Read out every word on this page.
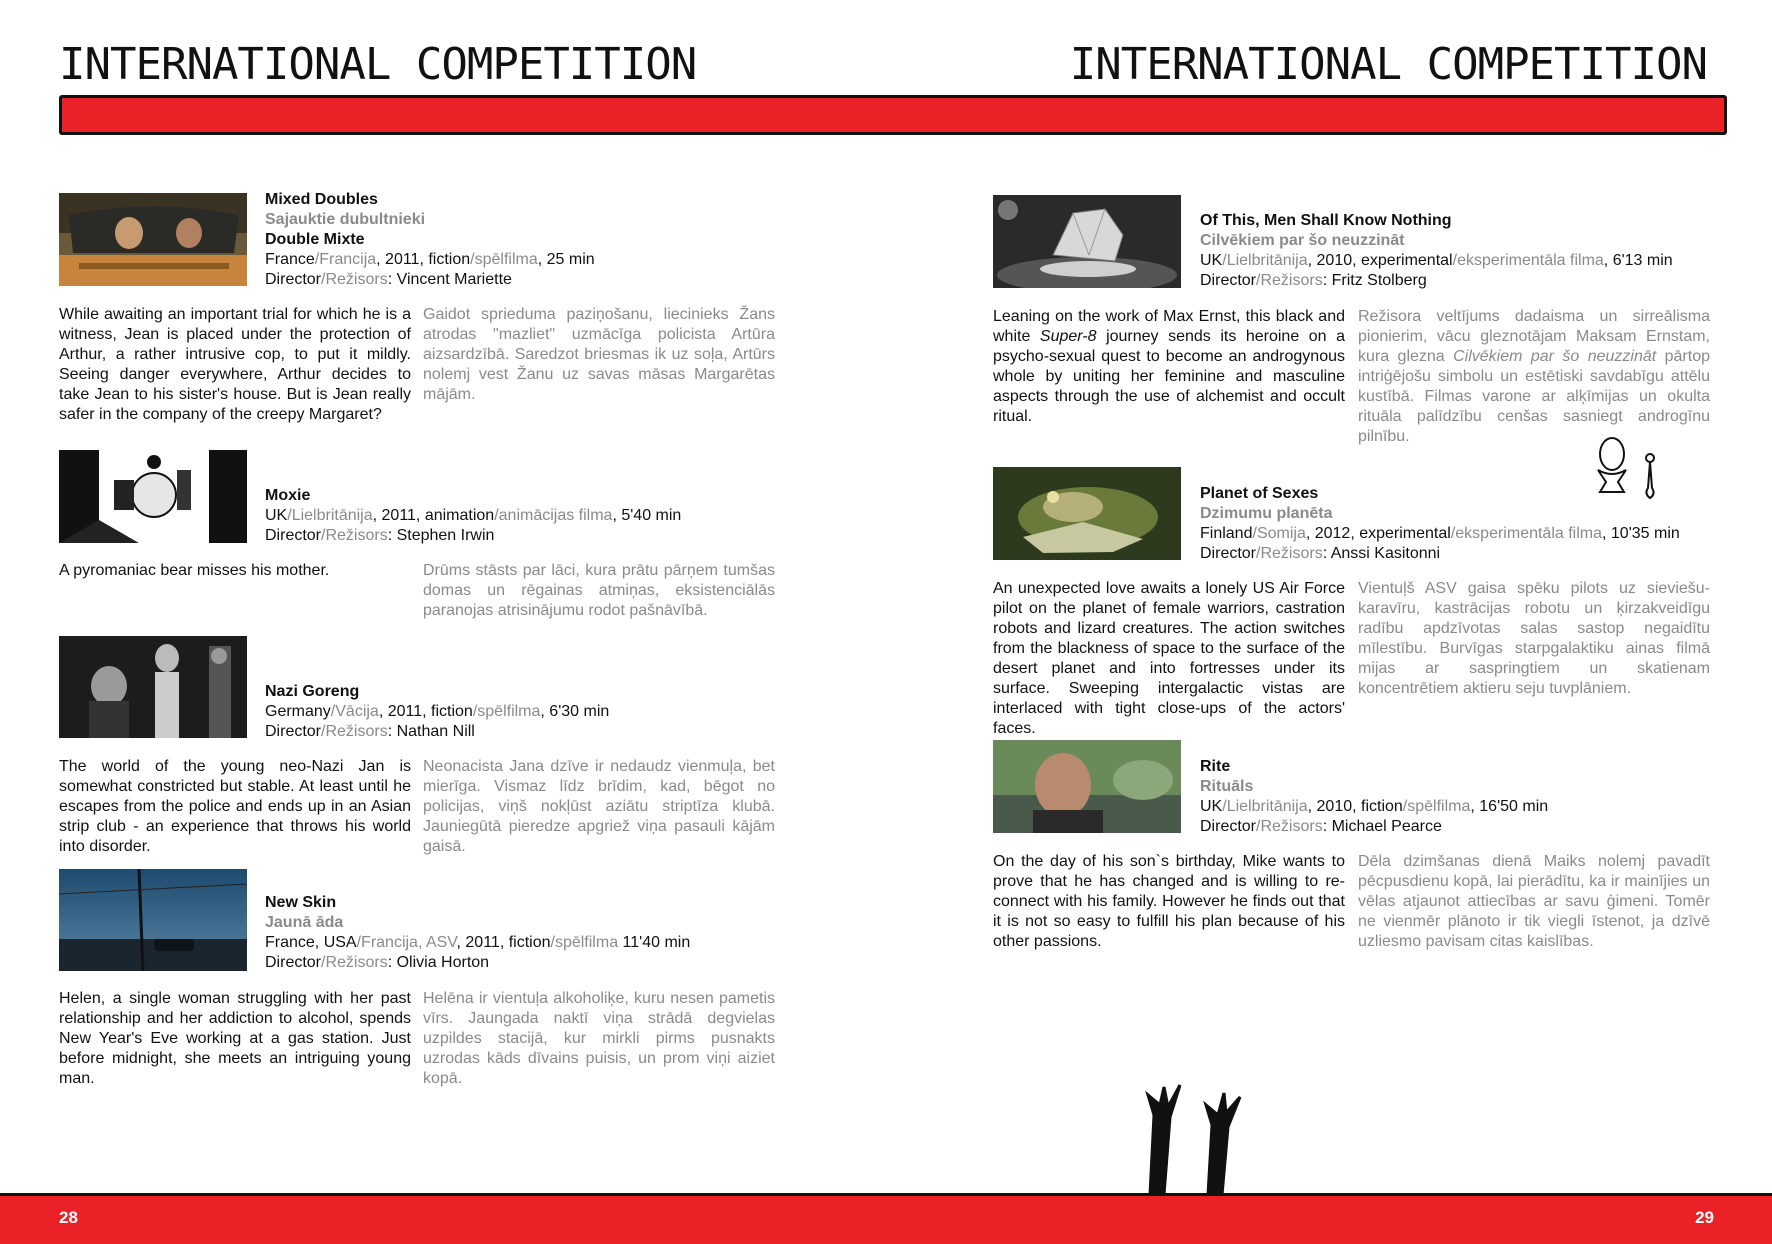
INTERNATIONAL COMPETITION	INTERNATIONAL COMPETITION
Mixed Doubles
Sajauktie dubultnieki
Double Mixte
France/Francija, 2011, fiction/spēlfilma, 25 min
Director/Režisors: Vincent Mariette
While awaiting an important trial for which he is a witness, Jean is placed under the protection of Arthur, a rather intrusive cop, to put it mildly. Seeing danger everywhere, Arthur decides to take Jean to his sister's house. But is Jean really safer in the company of the creepy Margaret?
Gaidot sprieduma paziņošanu, liecinieks Žans atrodas "mazliet" uzmācīga policista Artūra aizsardzībā. Saredzot briesmas ik uz soļa, Artūrs nolemj vest Žanu uz savas māsas Margarētas mājām.
Moxie
UK/Lielbritānija, 2011, animation/animācijas filma, 5'40 min
Director/Režisors: Stephen Irwin
A pyromaniac bear misses his mother.	Drūms stāsts par lāci, kura prātu pārņem tumšas domas un rēgainas atmiņas, eksistenciālās paranojas atrisinājumu rodot pašnāvībā.
Nazi Goreng
Germany/Vācija, 2011, fiction/spēlfilma, 6'30 min
Director/Režisors: Nathan Nill
The world of the young neo-Nazi Jan is somewhat constricted but stable. At least until he escapes from the police and ends up in an Asian strip club - an experience that throws his world into disorder.
Neonacista Jana dzīve ir nedaudz vienmuļa, bet mierīga. Vismaz līdz brīdim, kad, bēgot no policijas, viņš nokļūst aziātu striptīza klubā. Jauniegūtā pieredze apgriež viņa pasauli kājām gaisā.
New Skin
Jaunā āda
France, USA/Francija, ASV, 2011, fiction/spēlfilma 11'40 min
Director/Režisors: Olivia Horton
Helen, a single woman struggling with her past relationship and her addiction to alcohol, spends New Year's Eve working at a gas station. Just before midnight, she meets an intriguing young man.
Helēna ir vientuļa alkoholiķe, kuru nesen pametis vīrs. Jaungada naktī viņa strādā degvielas uzpildes stacijā, kur mirkli pirms pusnakts uzrodas kāds dīvains puisis, un prom viņi aiziet kopā.
Of This, Men Shall Know Nothing
Cilvēkiem par šo neuzzināt
UK/Lielbritānija, 2010, experimental/eksperimentāla filma, 6'13 min
Director/Režisors: Fritz Stolberg
Leaning on the work of Max Ernst, this black and white Super-8 journey sends its heroine on a psycho-sexual quest to become an androgynous whole by uniting her feminine and masculine aspects through the use of alchemist and occult ritual.
Režisora veltījums dadaisma un sirreālisma pionierim, vācu gleznotājam Maksam Ernstam, kura glezna Cilvēkiem par šo neuzzināt pārtop intriģējošu simbolu un estētiski savdabīgu attēlu kustībā. Filmas varone ar alķīmijas un okulta rituāla palīdzību cenšas sasniegt androgīnu pilnību.
Planet of Sexes
Dzimumu planēta
Finland/Somija, 2012, experimental/eksperimentāla filma, 10'35 min
Director/Režisors: Anssi Kasitonni
An unexpected love awaits a lonely US Air Force pilot on the planet of female warriors, castration robots and lizard creatures. The action switches from the blackness of space to the surface of the desert planet and into fortresses under its surface. Sweeping intergalactic vistas are interlaced with tight close-ups of the actors' faces.
Vientuļš ASV gaisa spēku pilots uz sieviešu-karavīru, kastrācijas robotu un ķirzakveidīgu radību apdzīvotas salas sastop negaidītu mīlestību. Burvīgas starpgalaktiku ainas filmā mijas ar saspringtiem un skatienam koncentrētiem aktieru seju tuvplāniem.
Rite
Rituāls
UK/Lielbritānija, 2010, fiction/spēlfilma, 16'50 min
Director/Režisors: Michael Pearce
On the day of his son`s birthday, Mike wants to prove that he has changed and is willing to re-connect with his family. However he finds out that it is not so easy to fulfill his plan because of his other passions.
Dēla dzimšanas dienā Maiks nolemj pavadīt pēcpusdienu kopā, lai pierādītu, ka ir mainījies un vēlas atjaunot attiecības ar savu ģimeni. Tomēr ne vienmēr plānoto ir tik viegli īstenot, ja dzīvē uzliesmo pavisam citas kaislības.
28	29
